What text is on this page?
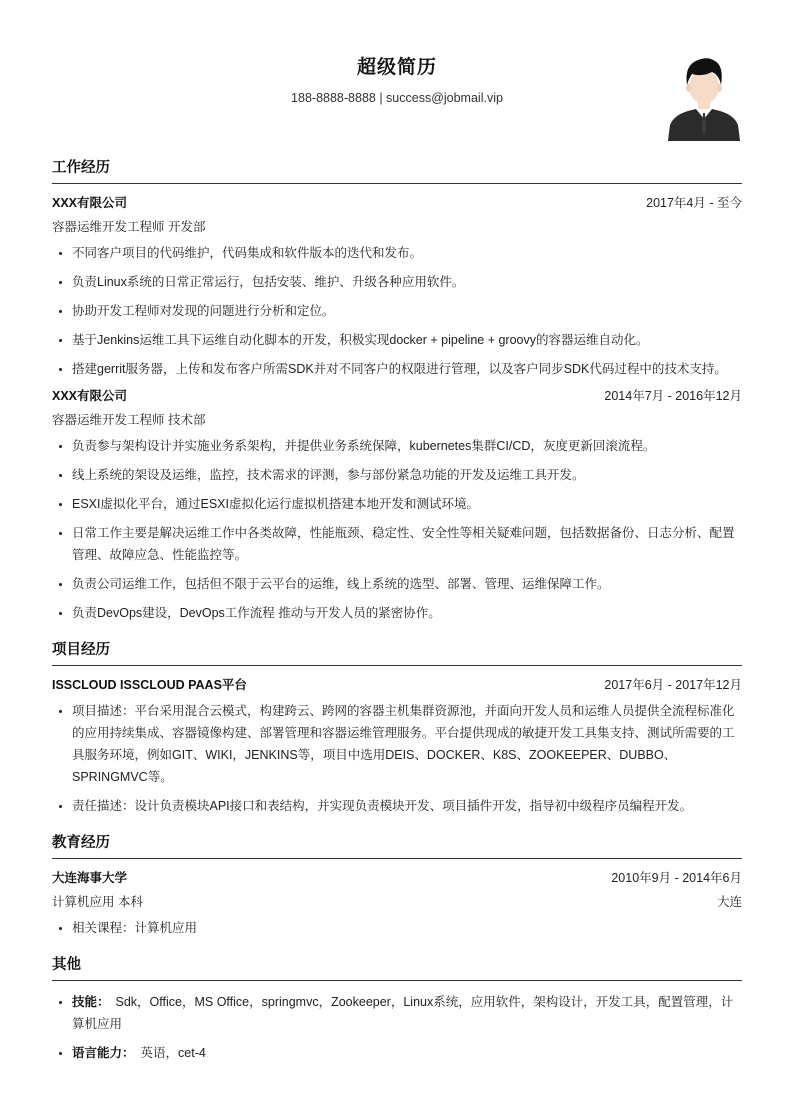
超级简历
188-8888-8888 | success@jobmail.vip
工作经历
XXX有限公司	2017年4月 - 至今
容器运维开发工程师 开发部
• 不同客户项目的代码维护，代码集成和软件版本的迭代和发布。
• 负责Linux系统的日常正常运行，包括安装、维护、升级各种应用软件。
• 协助开发工程师对发现的问题进行分析和定位。
• 基于Jenkins运维工具下运维自动化脚本的开发，积极实现docker + pipeline + groovy的容器运维自动化。
• 搭建gerrit服务器，上传和发布客户所需SDK并对不同客户的权限进行管理，以及客户同步SDK代码过程中的技术支持。
XXX有限公司	2014年7月 - 2016年12月
容器运维开发工程师 技术部
• 负责参与架构设计并实施业务系架构，并提供业务系统保障，kubernetes集群CI/CD，灰度更新回滚流程。
• 线上系统的架设及运维，监控，技术需求的评测，参与部份紧急功能的开发及运维工具开发。
• ESXI虚拟化平台，通过ESXI虚拟化运行虚拟机搭建本地开发和测试环境。
• 日常工作主要是解决运维工作中各类故障，性能瓶颈、稳定性、安全性等相关疑难问题，包括数据备份、日志分析、配置管理、故障应急、性能监控等。
• 负责公司运维工作，包括但不限于云平台的运维，线上系统的选型、部署、管理、运维保障工作。
• 负责DevOps建设，DevOps工作流程 推动与开发人员的紧密协作。
项目经历
ISSCLOUD ISSCLOUD PAAS平台	2017年6月 - 2017年12月
• 项目描述：平台采用混合云模式，构建跨云、跨网的容器主机集群资源池，并面向开发人员和运维人员提供全流程标准化的应用持续集成、容器镜像构建、部署管理和容器运维管理服务。平台提供现成的敏捷开发工具集支持、测试所需要的工具服务环境，例如GIT、WIKI，JENKINS等，项目中选用DEIS、DOCKER、K8S、ZOOKEEPER、DUBBO、SPRINGMVC等。
• 责任描述：设计负责模块API接口和表结构，并实现负责模块开发、项目插件开发，指导初中级程序员编程开发。
教育经历
大连海事大学	2010年9月 - 2014年6月
计算机应用 本科	大连
• 相关课程：计算机应用
其他
• 技能： Sdk，Office，MS Office，springmvc，Zookeeper，Linux系统，应用软件，架构设计，开发工具，配置管理，计算机应用
• 语言能力： 英语，cet-4
